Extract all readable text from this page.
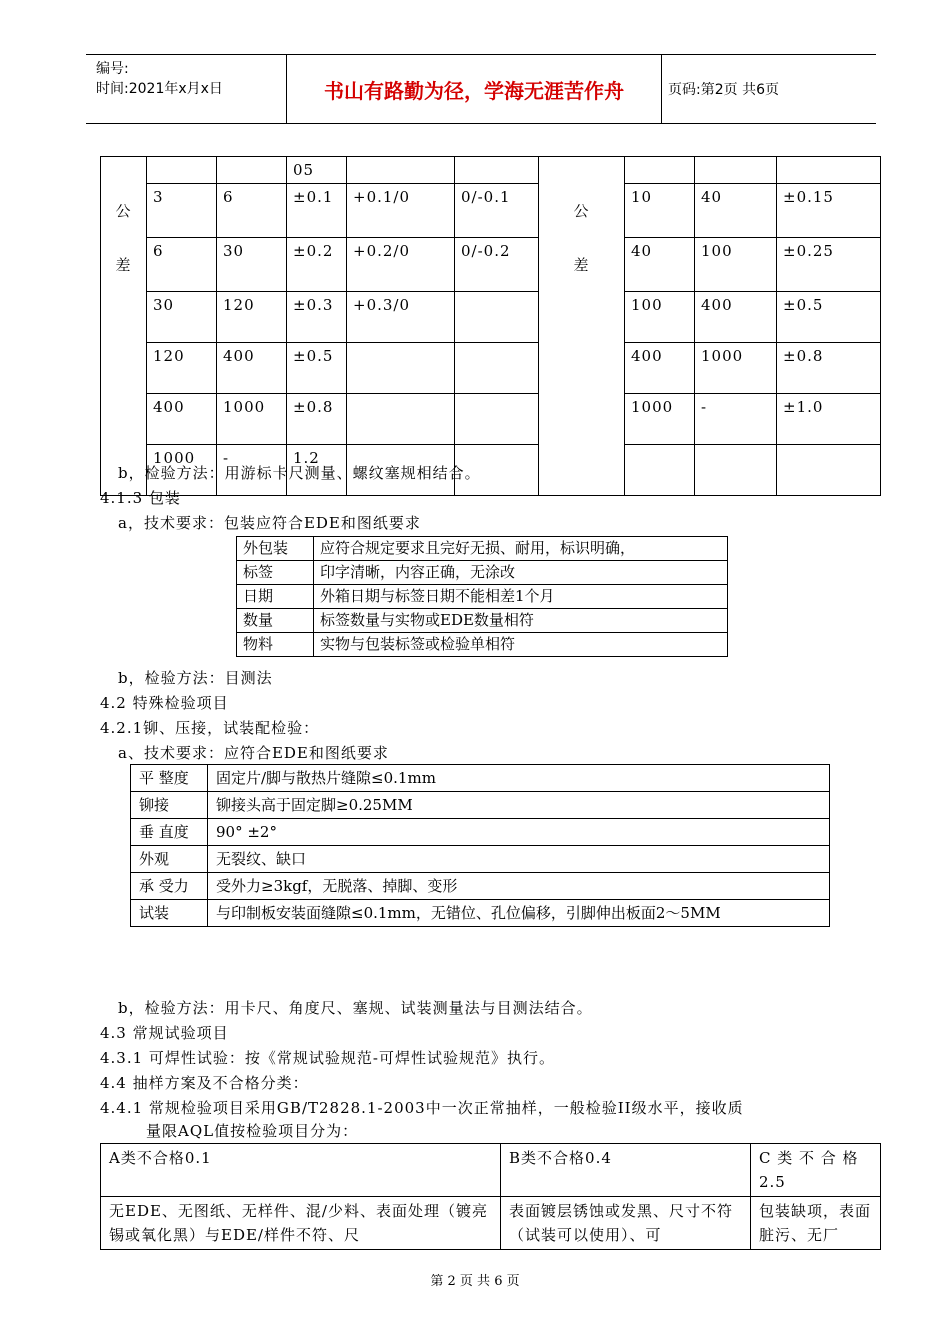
编号:
时间:2021年x月x日	书山有路勤为径，学海无涯苦作舟	页码:第2页 共6页
			05						
公	3	6	±0.1	+0.1/0	0/-0.1	公	10	40	±0.15
差	6	30	±0.2	+0.2/0	0/-0.2	差	40	100	±0.25
	30	120	±0.3	+0.3/0			100	400	±0.5
	120	400	±0.5				400	1000	±0.8
	400	1000	±0.8				1000	-	±1.0
	1000	-	1.2						
b，检验方法：用游标卡尺测量、螺纹塞规相结合。
4.1.3 包装
a，技术要求：包装应符合EDE和图纸要求
外包装	应符合规定要求且完好无损、耐用，标识明确，
标签	印字清晰，内容正确，无涂改
日期	外箱日期与标签日期不能相差1个月
数量	标签数量与实物或EDE数量相符
物料	实物与包装标签或检验单相符
b，检验方法：目测法
4.2 特殊检验项目
4.2.1铆、压接，试装配检验：
a、技术要求：应符合EDE和图纸要求
平 整度	固定片/脚与散热片缝隙≤0.1mm
铆接	铆接头高于固定脚≥0.25MM
垂 直度	90° ±2°
外观	无裂纹、缺口
承 受力	受外力≥3kgf，无脱落、掉脚、变形
试装	与印制板安装面缝隙≤0.1mm，无错位、孔位偏移，引脚伸出板面2～5MM
b，检验方法：用卡尺、角度尺、塞规、试装测量法与目测法结合。
4.3 常规试验项目
4.3.1 可焊性试验：按《常规试验规范-可焊性试验规范》执行。
4.4 抽样方案及不合格分类：
4.4.1 常规检验项目采用GB/T2828.1-2003中一次正常抽样，一般检验II级水平，接收质
量限AQL值按检验项目分为：
A类不合格0.1	B类不合格0.4	C 类 不 合 格2.5
无EDE、无图纸、无样件、混/少料、表面处理（镀亮锡或氧化黑）与EDE/样件不符、尺	表面镀层锈蚀或发黑、尺寸不符（试装可以使用）、可	包装缺项，表面脏污、无厂
第 2 页 共 6 页
